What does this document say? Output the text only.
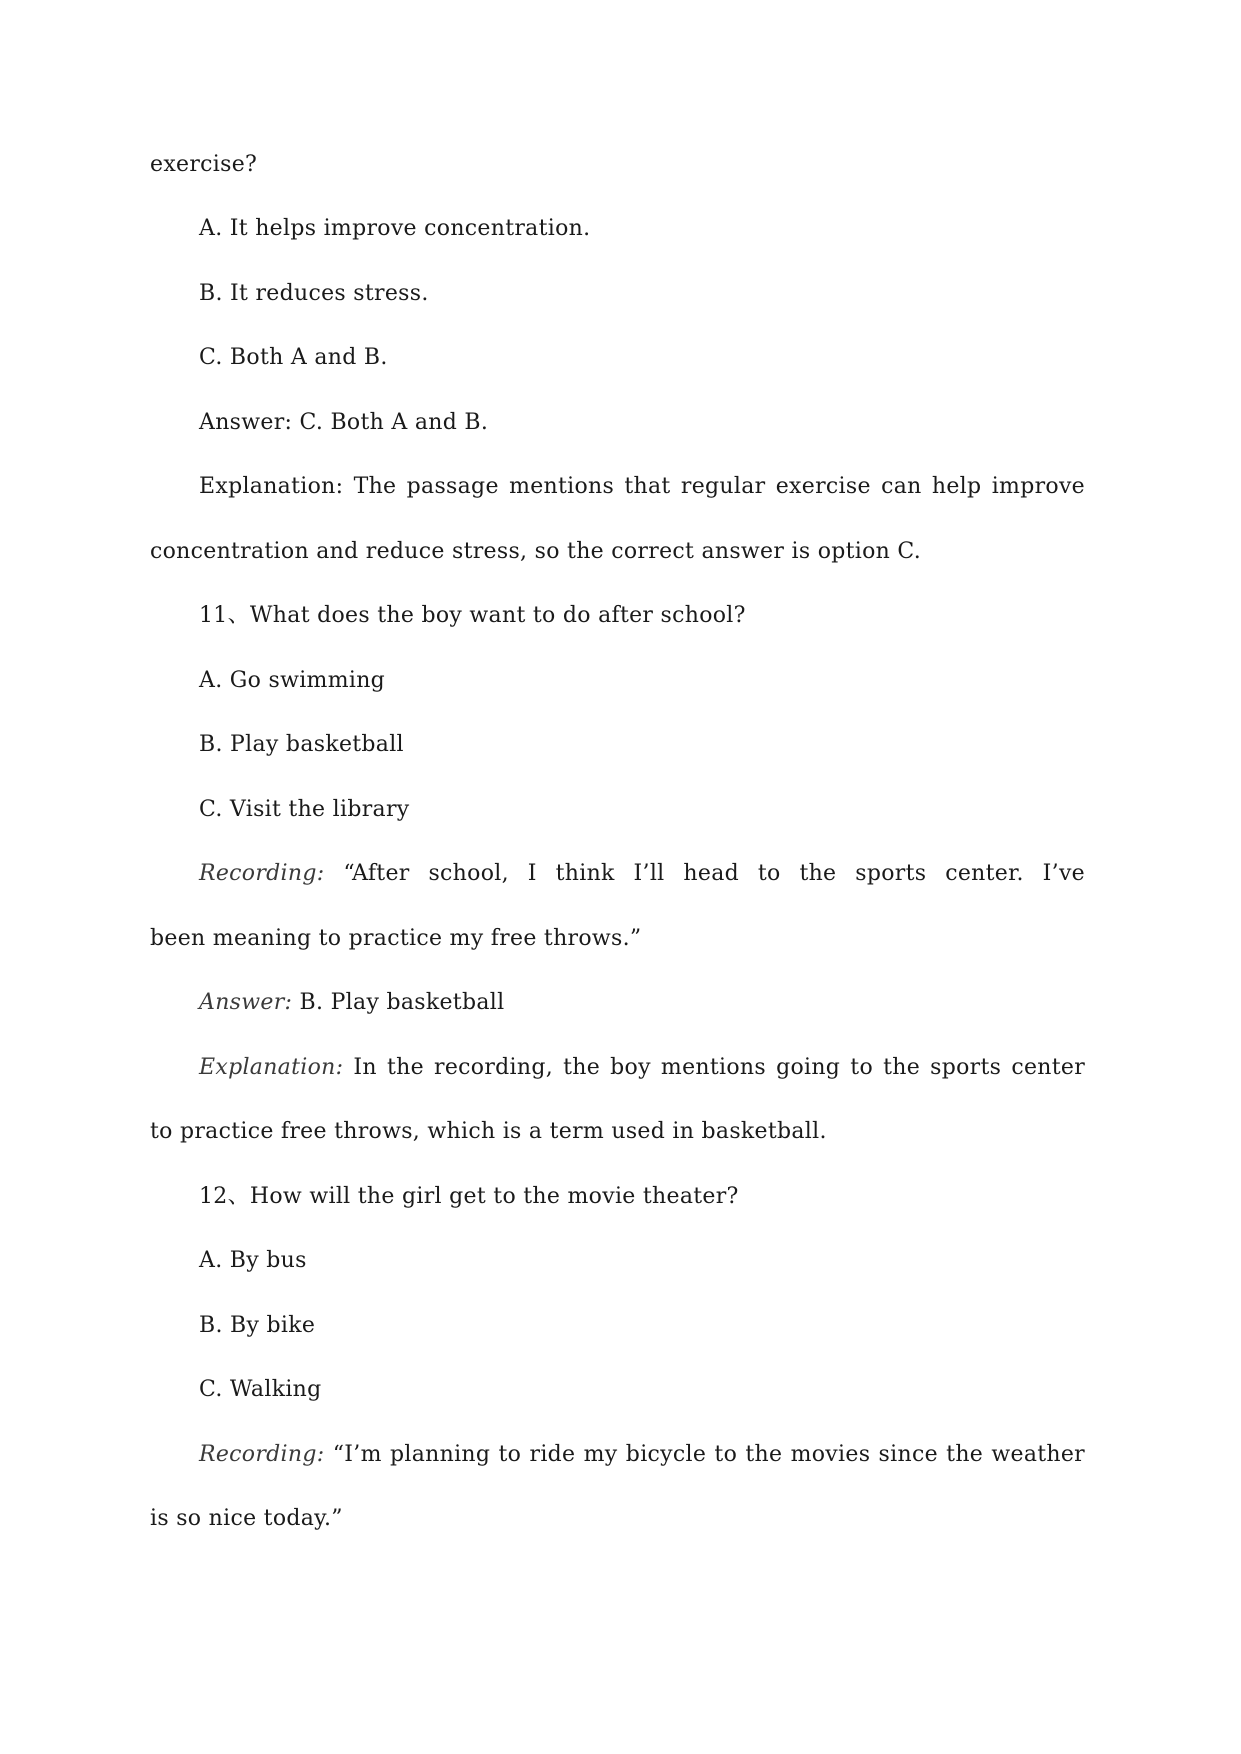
exercise?
A. It helps improve concentration.
B. It reduces stress.
C. Both A and B.
Answer: C. Both A and B.
Explanation: The passage mentions that regular exercise can help improve
concentration and reduce stress, so the correct answer is option C.
11、What does the boy want to do after school?
A. Go swimming
B. Play basketball
C. Visit the library
Recording: “After school, I think I’ll head to the sports center. I’ve
been meaning to practice my free throws.”
Answer: B. Play basketball
Explanation: In the recording, the boy mentions going to the sports center
to practice free throws, which is a term used in basketball.
12、How will the girl get to the movie theater?
A. By bus
B. By bike
C. Walking
Recording: “I’m planning to ride my bicycle to the movies since the weather
is so nice today.”
